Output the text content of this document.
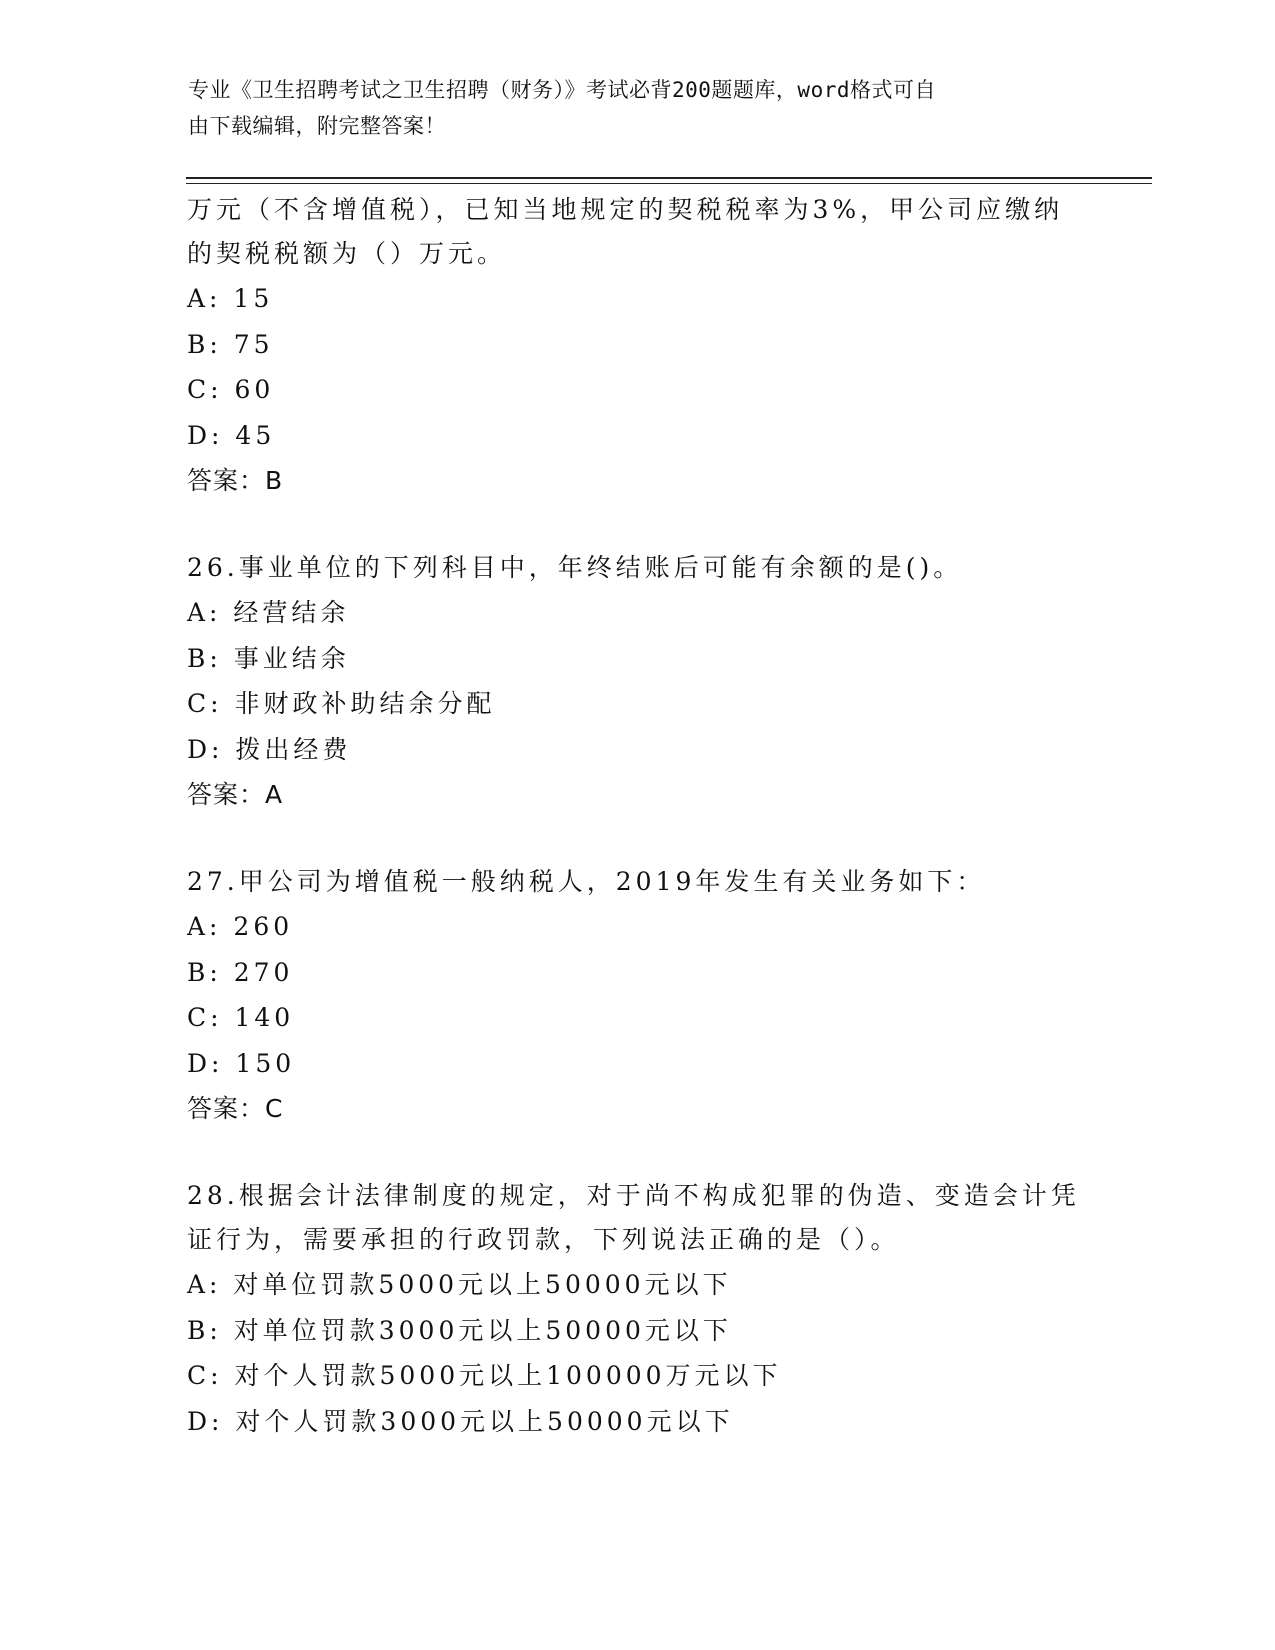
专业《卫生招聘考试之卫生招聘（财务）》考试必背200题题库，word格式可自
由下载编辑，附完整答案！

万元（不含增值税），已知当地规定的契税税率为3%，甲公司应缴纳

的契税税额为（）万元。

A: 15

B: 75

C: 60

D: 45

答案：B

26.事业单位的下列科目中，年终结账后可能有余额的是()。

A: 经营结余

B: 事业结余

C: 非财政补助结余分配

D: 拨出经费

答案：A

27.甲公司为增值税一般纳税人，2019年发生有关业务如下：

A: 260

B: 270

C: 140

D: 150

答案：C

28.根据会计法律制度的规定，对于尚不构成犯罪的伪造、变造会计凭

证行为，需要承担的行政罚款，下列说法正确的是（）。

A: 对单位罚款5000元以上50000元以下

B: 对单位罚款3000元以上50000元以下

C: 对个人罚款5000元以上100000万元以下

D: 对个人罚款3000元以上50000元以下
